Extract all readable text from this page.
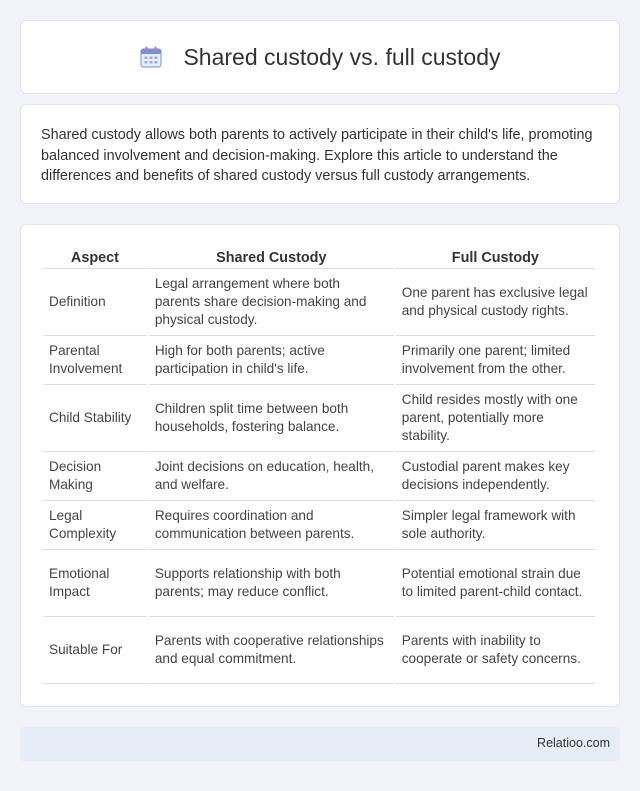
Shared custody vs. full custody

Shared custody allows both parents to actively participate in their child's life, promoting balanced involvement and decision-making. Explore this article to understand the differences and benefits of shared custody versus full custody arrangements.

Aspect	Shared Custody	Full Custody
Definition	Legal arrangement where both parents share decision-making and physical custody.	One parent has exclusive legal and physical custody rights.
Parental Involvement	High for both parents; active participation in child's life.	Primarily one parent; limited involvement from the other.
Child Stability	Children split time between both households, fostering balance.	Child resides mostly with one parent, potentially more stability.
Decision Making	Joint decisions on education, health, and welfare.	Custodial parent makes key decisions independently.
Legal Complexity	Requires coordination and communication between parents.	Simpler legal framework with sole authority.
Emotional Impact	Supports relationship with both parents; may reduce conflict.	Potential emotional strain due to limited parent-child contact.
Suitable For	Parents with cooperative relationships and equal commitment.	Parents with inability to cooperate or safety concerns.
Relatioo.com
